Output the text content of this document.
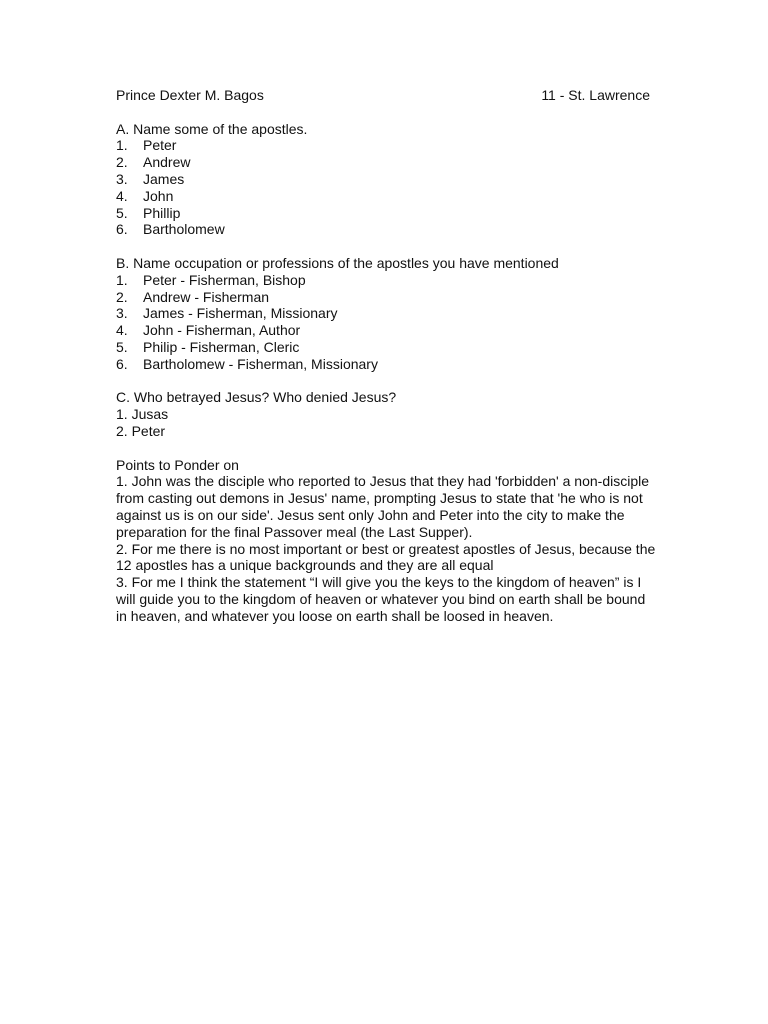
Prince Dexter M. Bagos	11 - St. Lawrence
A. Name some of the apostles.
1.	Peter
2.	Andrew
3.	James
4.	John
5.	Phillip
6.	Bartholomew
B. Name occupation or professions of the apostles you have mentioned
1.	Peter - Fisherman, Bishop
2.	Andrew - Fisherman
3.	James - Fisherman, Missionary
4.	John - Fisherman, Author
5.	Philip - Fisherman, Cleric
6.	Bartholomew - Fisherman, Missionary
C. Who betrayed Jesus? Who denied Jesus?
1. Jusas
2. Peter
Points to Ponder on

1. John was the disciple who reported to Jesus that they had 'forbidden' a non-disciple from casting out demons in Jesus' name, prompting Jesus to state that 'he who is not against us is on our side'. Jesus sent only John and Peter into the city to make the preparation for the final Passover meal (the Last Supper).

2. For me there is no most important or best or greatest apostles of Jesus, because the 12 apostles has a unique backgrounds and they are all equal

3. For me I think the statement “I will give you the keys to the kingdom of heaven” is I will guide you to the kingdom of heaven or whatever you bind on earth shall be bound in heaven, and whatever you loose on earth shall be loosed in heaven.
